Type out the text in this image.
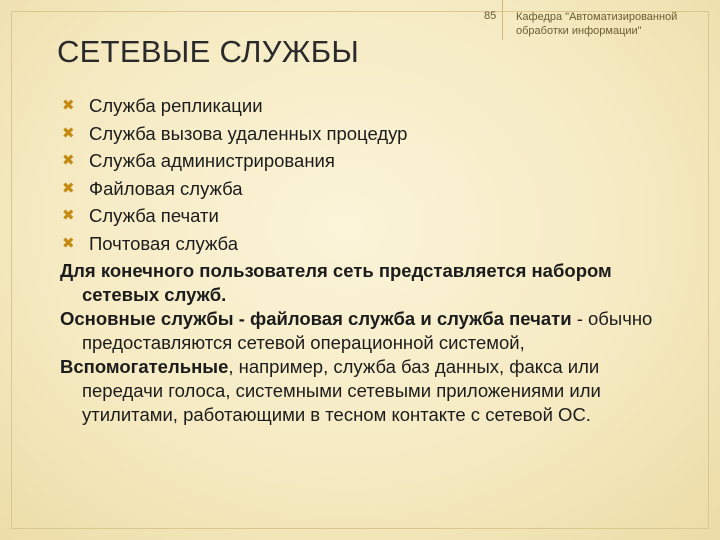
85 Кафедра "Автоматизированной обработки информации"
СЕТЕВЫЕ СЛУЖБЫ
✖ Служба репликации
✖ Служба вызова удаленных процедур
✖ Служба администрирования
✖ Файловая служба
✖ Служба печати
✖ Почтовая служба

Для конечного пользователя сеть представляется набором сетевых служб.

Основные службы - файловая служба и служба печати - обычно предоставляются сетевой операционной системой,

Вспомогательные, например, служба баз данных, факса или передачи голоса, системными сетевыми приложениями или утилитами, работающими в тесном контакте с сетевой ОС.
